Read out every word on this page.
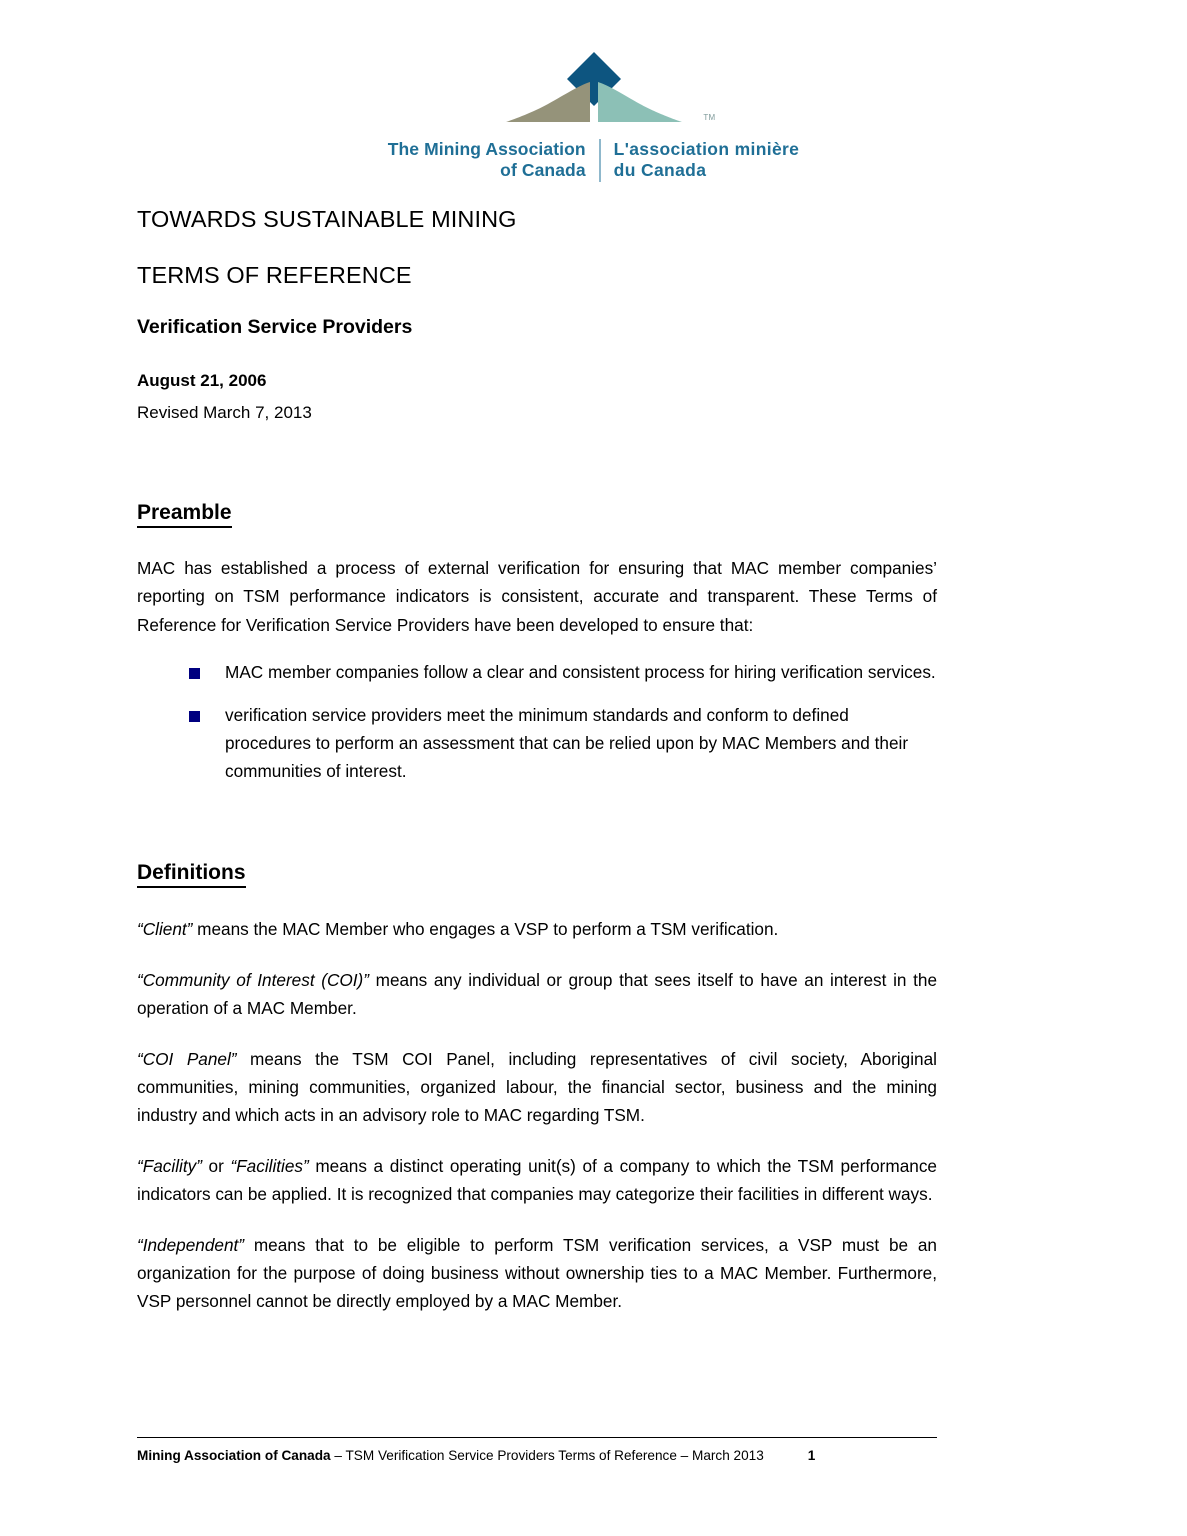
TM
The Mining Association
of Canada
L'association minière
du Canada
TOWARDS SUSTAINABLE MINING
TERMS OF REFERENCE
Verification Service Providers
August 21, 2006
Revised March 7, 2013
Preamble

MAC has established a process of external verification for ensuring that MAC member companies’ reporting on TSM performance indicators is consistent, accurate and transparent. These Terms of Reference for Verification Service Providers have been developed to ensure that:

MAC member companies follow a clear and consistent process for hiring verification services.
verification service providers meet the minimum standards and conform to defined procedures to perform an assessment that can be relied upon by MAC Members and their communities of interest.
Definitions

“Client” means the MAC Member who engages a VSP to perform a TSM verification.

“Community of Interest (COI)” means any individual or group that sees itself to have an interest in the operation of a MAC Member.

“COI Panel” means the TSM COI Panel, including representatives of civil society, Aboriginal communities, mining communities, organized labour, the financial sector, business and the mining industry and which acts in an advisory role to MAC regarding TSM.

“Facility” or “Facilities” means a distinct operating unit(s) of a company to which the TSM performance indicators can be applied. It is recognized that companies may categorize their facilities in different ways.

“Independent” means that to be eligible to perform TSM verification services, a VSP must be an organization for the purpose of doing business without ownership ties to a MAC Member. Furthermore, VSP personnel cannot be directly employed by a MAC Member.

Mining Association of Canada – TSM Verification Service Providers Terms of Reference – March 2013	1
